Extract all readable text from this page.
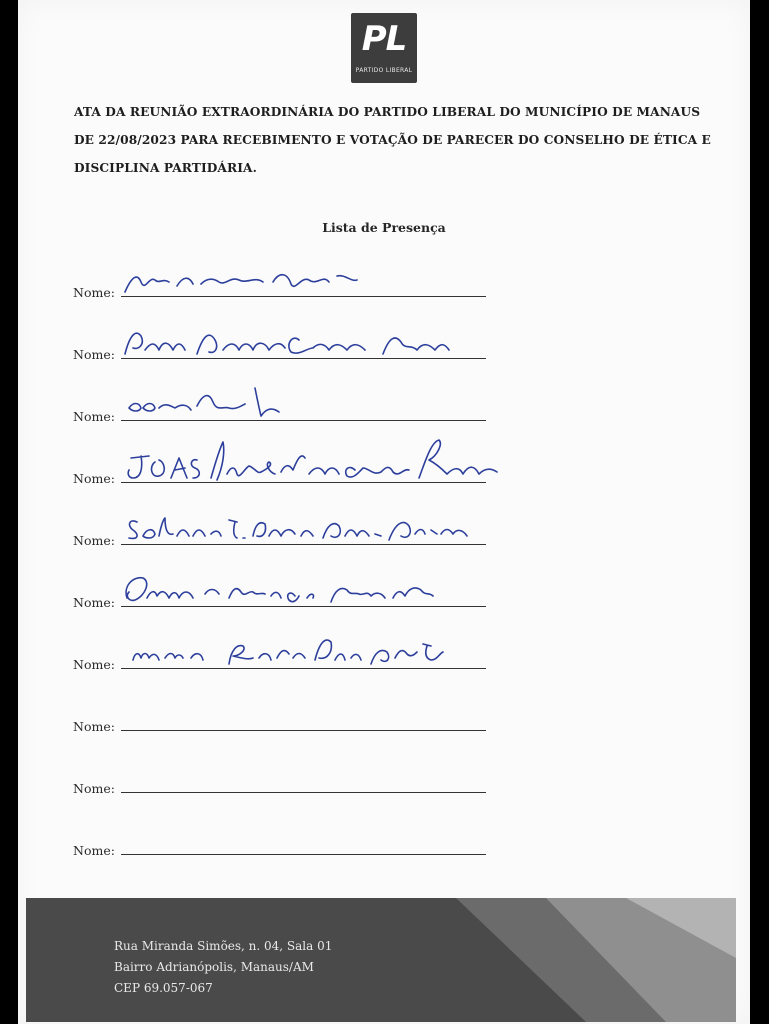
PL
PARTIDO LIBERAL
ATA DA REUNIÃO EXTRAORDINÁRIA DO PARTIDO LIBERAL DO MUNICÍPIO DE MANAUS
DE 22/08/2023 PARA RECEBIMENTO E VOTAÇÃO DE PARECER DO CONSELHO DE ÉTICA E
DISCIPLINA PARTIDÁRIA.
Lista de Presença
Nome:
Nome:
Nome:
Nome:
Nome:
Nome:
Nome:
Nome:
Nome:
Nome:
Rua Miranda Simões, n. 04, Sala 01
Bairro Adrianópolis, Manaus/AM
CEP 69.057-067
